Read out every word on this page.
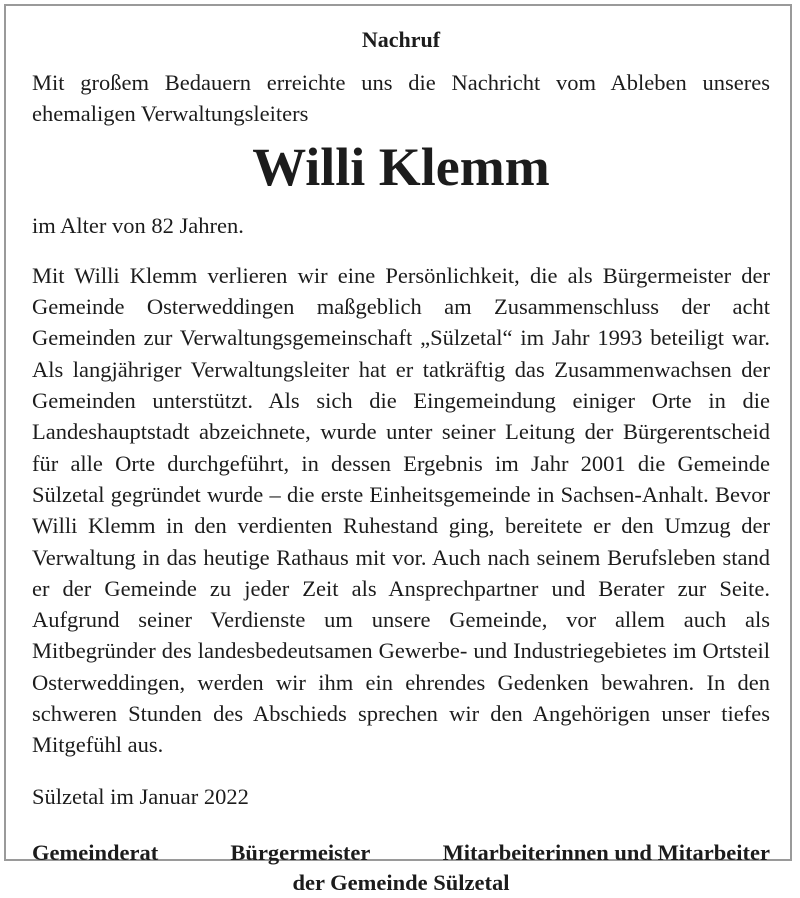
Nachruf
Mit großem Bedauern erreichte uns die Nachricht vom Ableben unseres ehemaligen Verwaltungsleiters
Willi Klemm
im Alter von 82 Jahren.
Mit Willi Klemm verlieren wir eine Persönlichkeit, die als Bürgermeister der Gemeinde Osterweddingen maßgeblich am Zusammenschluss der acht Gemeinden zur Verwaltungsgemeinschaft „Sülzetal“ im Jahr 1993 beteiligt war. Als langjähriger Verwaltungsleiter hat er tatkräftig das Zusammenwachsen der Gemeinden unterstützt. Als sich die Eingemeindung einiger Orte in die Landeshauptstadt abzeichnete, wurde unter seiner Leitung der Bürgerentscheid für alle Orte durchgeführt, in dessen Ergebnis im Jahr 2001 die Gemeinde Sülzetal gegründet wurde – die erste Einheitsgemeinde in Sachsen-Anhalt. Bevor Willi Klemm in den verdienten Ruhestand ging, bereitete er den Umzug der Verwaltung in das heutige Rathaus mit vor. Auch nach seinem Berufsleben stand er der Gemeinde zu jeder Zeit als Ansprechpartner und Berater zur Seite. Aufgrund seiner Verdienste um unsere Gemeinde, vor allem auch als Mitbegründer des landesbedeutsamen Gewerbe- und Industriegebietes im Ortsteil Osterweddingen, werden wir ihm ein ehrendes Gedenken bewahren. In den schweren Stunden des Abschieds sprechen wir den Angehörigen unser tiefes Mitgefühl aus.
Sülzetal im Januar 2022
Gemeinderat	Bürgermeister	Mitarbeiterinnen und Mitarbeiter
der Gemeinde Sülzetal
